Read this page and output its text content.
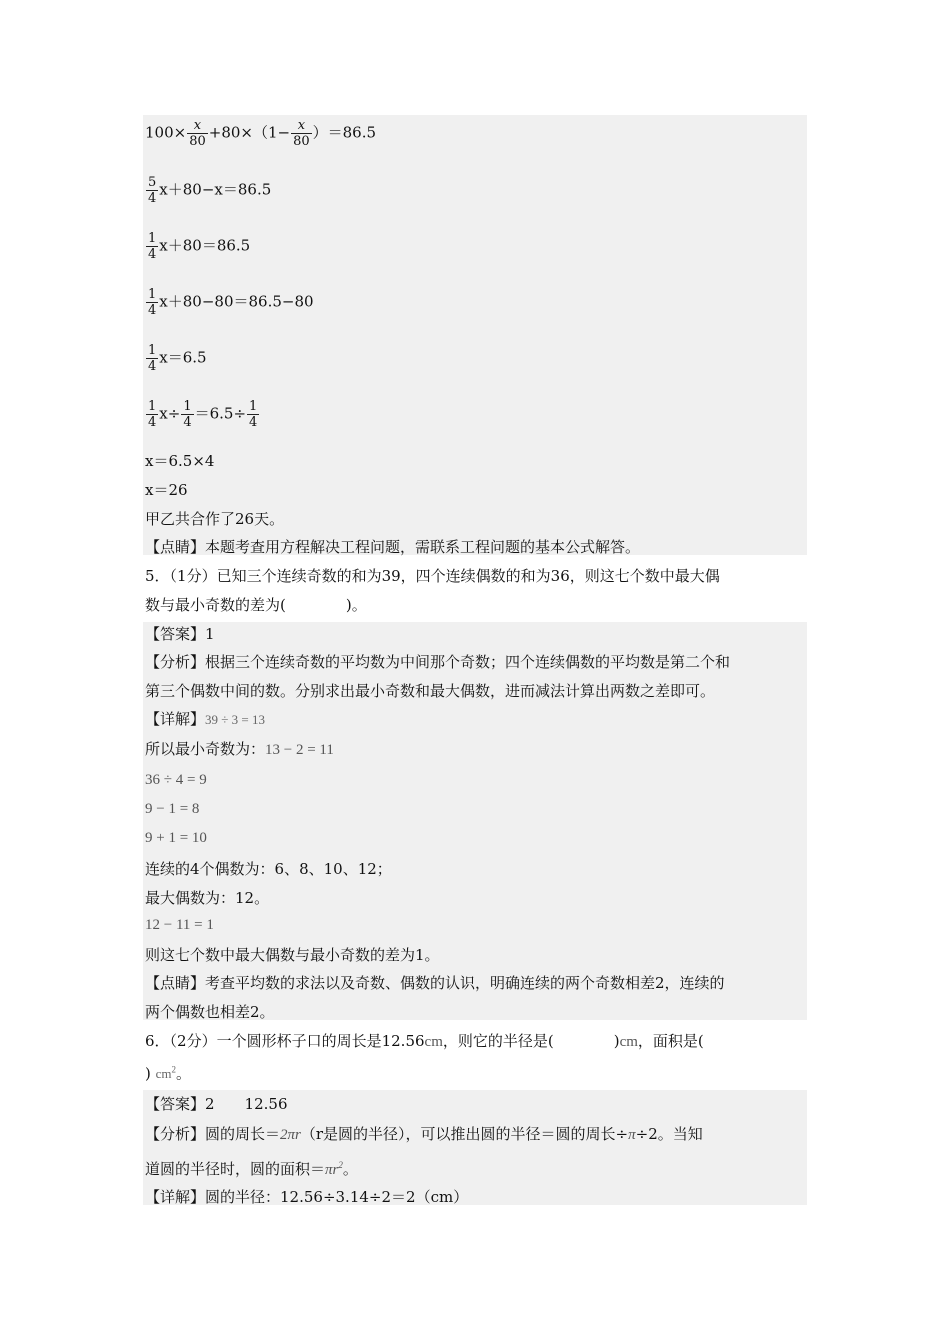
$100\times \frac{x}{80} +80\times(1- \frac{x}{80} )=86.5$
$\frac{5}{4} x+80-x=86.5$
$\frac{1}{4} x+80=86.5$
$\frac{1}{4} x+80-80=86.5-80$
$\frac{1}{4} x=6.5$
$\frac{1}{4} x\div \frac{1}{4} =6.5\div \frac{1}{4}$
x＝6.5×4
x＝26
甲乙共合作了26天。
【点睛】本题考查用方程解决工程问题，需联系工程问题的基本公式解答。
5．（1分）已知三个连续奇数的和为39，四个连续偶数的和为36，则这七个数中最大偶
数与最小奇数的差为(　　　　)。
【答案】1
【分析】根据三个连续奇数的平均数为中间那个奇数；四个连续偶数的平均数是第二个和
第三个偶数中间的数。分别求出最小奇数和最大偶数，进而减法计算出两数之差即可。
【详解】39 ÷ 3 = 13
所以最小奇数为：13 − 2 = 11
36 ÷ 4 = 9
9 − 1 = 8
9 + 1 = 10
连续的4个偶数为：6、8、10、12；
最大偶数为：12。
12 − 11 = 1
则这七个数中最大偶数与最小奇数的差为1。
【点睛】考查平均数的求法以及奇数、偶数的认识，明确连续的两个奇数相差2，连续的
两个偶数也相差2。
6．（2分）一个圆形杯子口的周长是12.56cm，则它的半径是(　　　　)cm，面积是(
) $cm^2$。
【答案】2　　12.56
【分析】圆的周长＝2πr（r是圆的半径），可以推出圆的半径＝圆的周长÷π÷2。当知
道圆的半径时，圆的面积$=\pi r^2$。
【详解】圆的半径：12.56÷3.14÷2＝2（cm）
